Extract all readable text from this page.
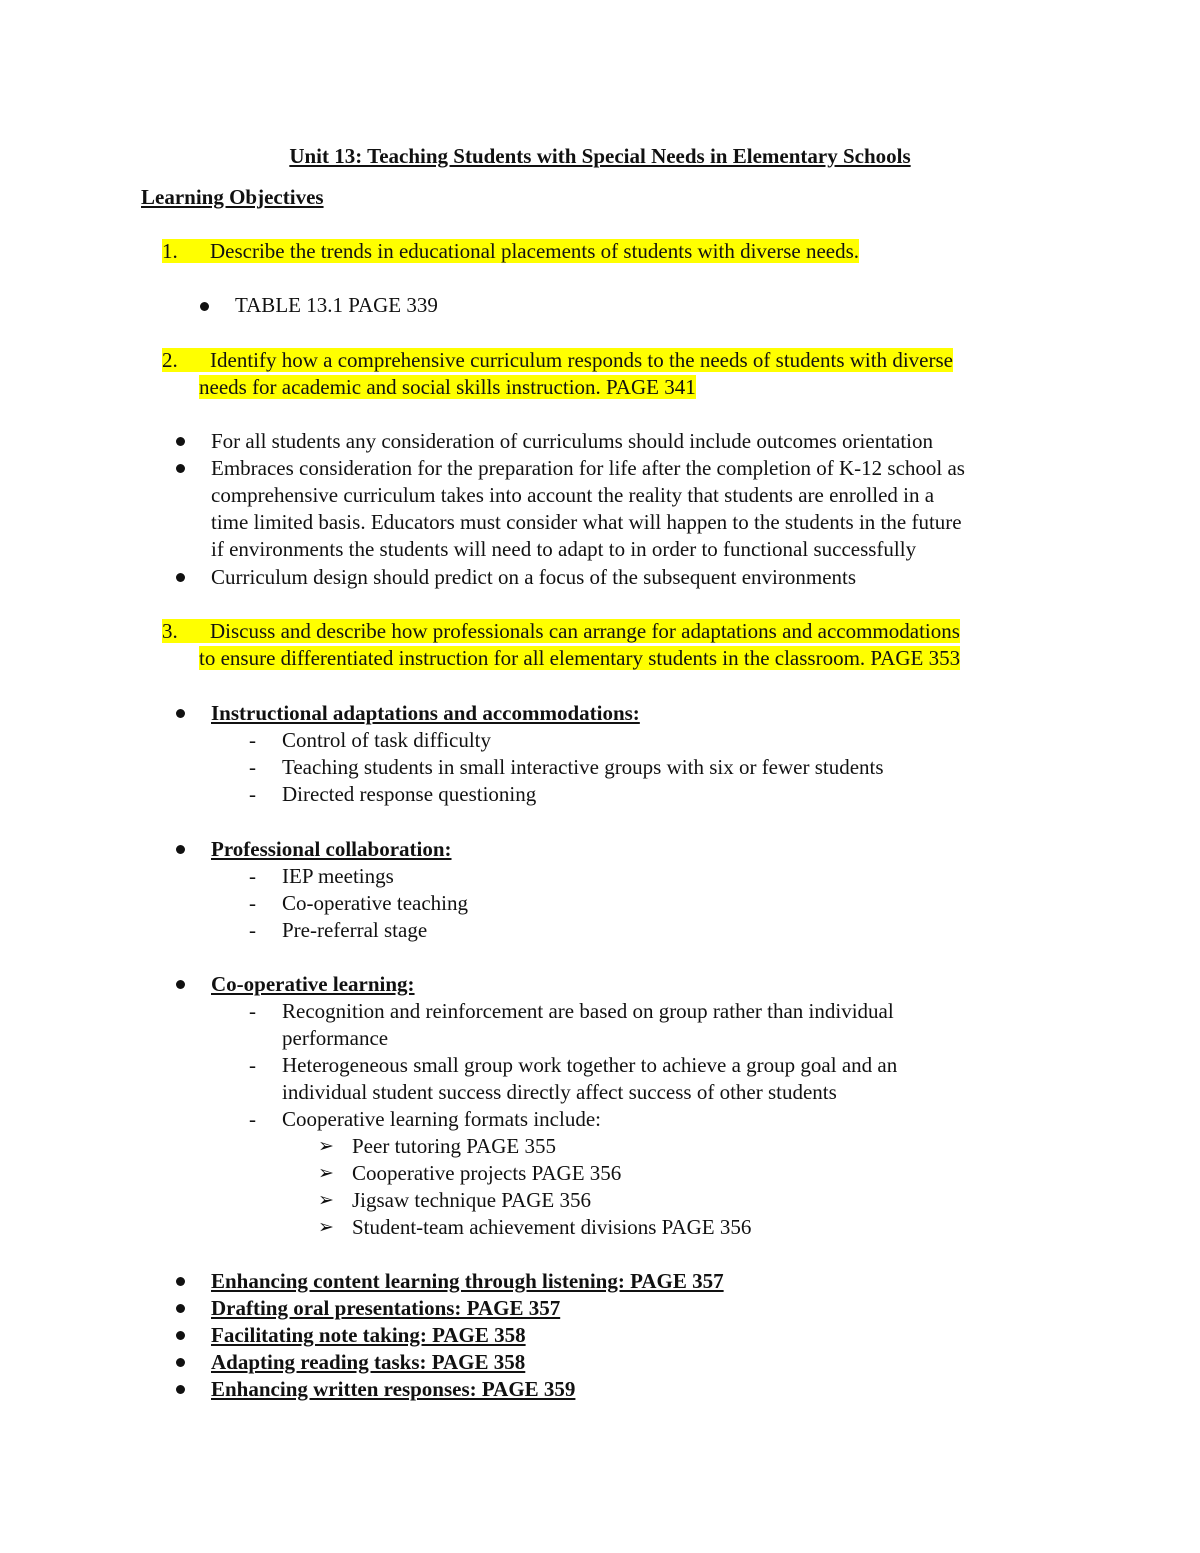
Unit 13: Teaching Students with Special Needs in Elementary Schools
Learning Objectives
1. Describe the trends in educational placements of students with diverse needs.
TABLE 13.1 PAGE 339
2. Identify how a comprehensive curriculum responds to the needs of students with diverse
needs for academic and social skills instruction. PAGE 341
For all students any consideration of curriculums should include outcomes orientation
Embraces consideration for the preparation for life after the completion of K-12 school as
comprehensive curriculum takes into account the reality that students are enrolled in a
time limited basis. Educators must consider what will happen to the students in the future
if environments the students will need to adapt to in order to functional successfully
Curriculum design should predict on a focus of the subsequent environments
3. Discuss and describe how professionals can arrange for adaptations and accommodations
to ensure differentiated instruction for all elementary students in the classroom. PAGE 353
Instructional adaptations and accommodations:
- Control of task difficulty
- Teaching students in small interactive groups with six or fewer students
- Directed response questioning
Professional collaboration:
- IEP meetings
- Co-operative teaching
- Pre-referral stage
Co-operative learning:
- Recognition and reinforcement are based on group rather than individual
performance
- Heterogeneous small group work together to achieve a group goal and an
individual student success directly affect success of other students
- Cooperative learning formats include:
➢ Peer tutoring PAGE 355
➢ Cooperative projects PAGE 356
➢ Jigsaw technique PAGE 356
➢ Student-team achievement divisions PAGE 356
Enhancing content learning through listening: PAGE 357
Drafting oral presentations: PAGE 357
Facilitating note taking: PAGE 358
Adapting reading tasks: PAGE 358
Enhancing written responses: PAGE 359
